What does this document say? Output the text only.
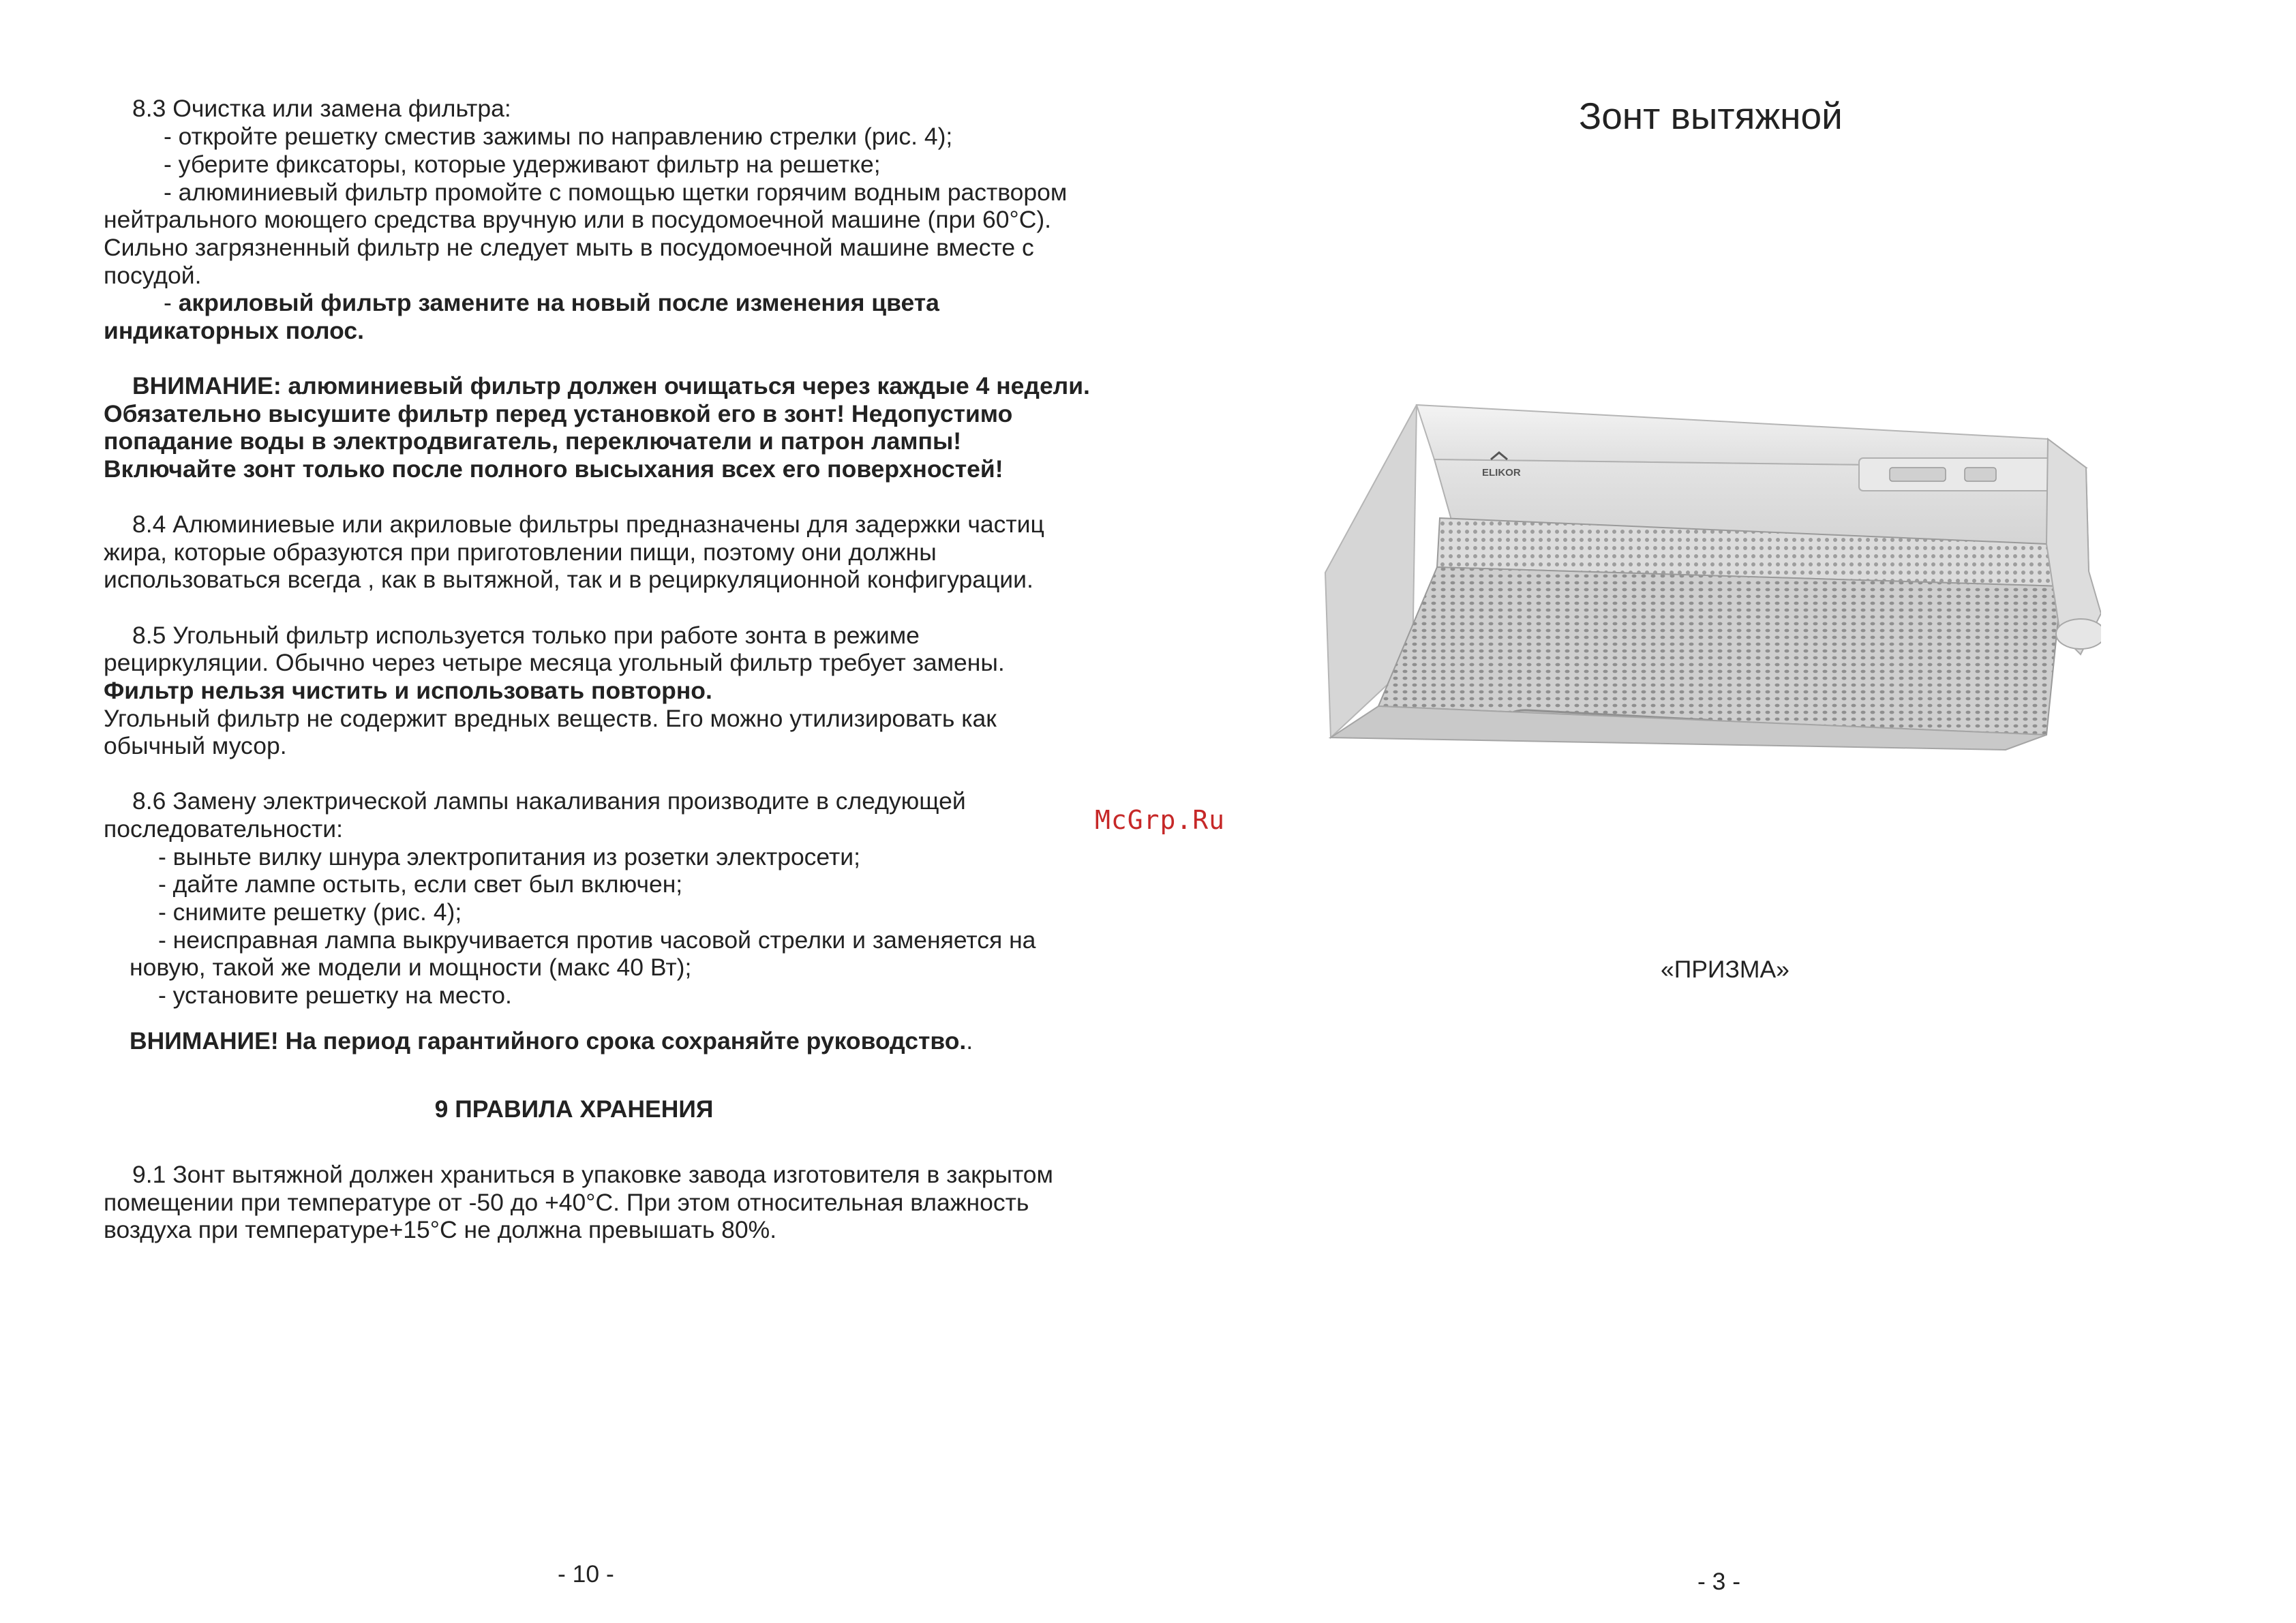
8.3 Очистка или замена фильтра:

- откройте решетку сместив зажимы по направлению стрелки (рис. 4);

- уберите фиксаторы, которые удерживают фильтр на решетке;

- алюминиевый фильтр промойте с помощью щетки горячим водным раствором

нейтрального моющего средства вручную или в посудомоечной машине (при 60°С).

Сильно загрязненный фильтр не следует мыть в посудомоечной машине вместе с

посудой.

- акриловый фильтр замените на новый после изменения цвета

индикаторных полос.

ВНИМАНИЕ: алюминиевый фильтр должен очищаться через каждые 4 недели.

Обязательно высушите фильтр перед установкой его в зонт! Недопустимо

попадание воды в электродвигатель, переключатели и патрон лампы!

Включайте зонт только после полного высыхания всех его поверхностей!

8.4 Алюминиевые или акриловые фильтры предназначены для задержки частиц

жира, которые образуются при приготовлении пищи, поэтому они должны

использоваться всегда , как в вытяжной, так и в рециркуляционной конфигурации.

8.5 Угольный фильтр используется только при работе зонта в режиме

рециркуляции. Обычно через четыре месяца угольный фильтр требует замены.

Фильтр нельзя чистить и использовать повторно.

Угольный фильтр не содержит вредных веществ. Его можно утилизировать как

обычный мусор.

8.6 Замену электрической лампы накаливания производите в следующей

последовательности:

- выньте вилку шнура электропитания из розетки электросети;

- дайте лампе остыть, если свет был включен;

- снимите решетку (рис. 4);

- неисправная лампа выкручивается против часовой стрелки и заменяется на

новую, такой же модели и мощности (макс 40 Вт);

- установите решетку на место.

ВНИМАНИЕ! На период гарантийного срока сохраняйте руководство..

9 ПРАВИЛА ХРАНЕНИЯ

9.1 Зонт вытяжной должен храниться в упаковке завода изготовителя в закрытом

помещении при температуре от -50 до +40°С. При этом относительная влажность

воздуха при температуре+15°С не должна превышать 80%.

- 10 -

McGrp.Ru

Зонт вытяжной
ELIKOR

«ПРИЗМА»

- 3 -
